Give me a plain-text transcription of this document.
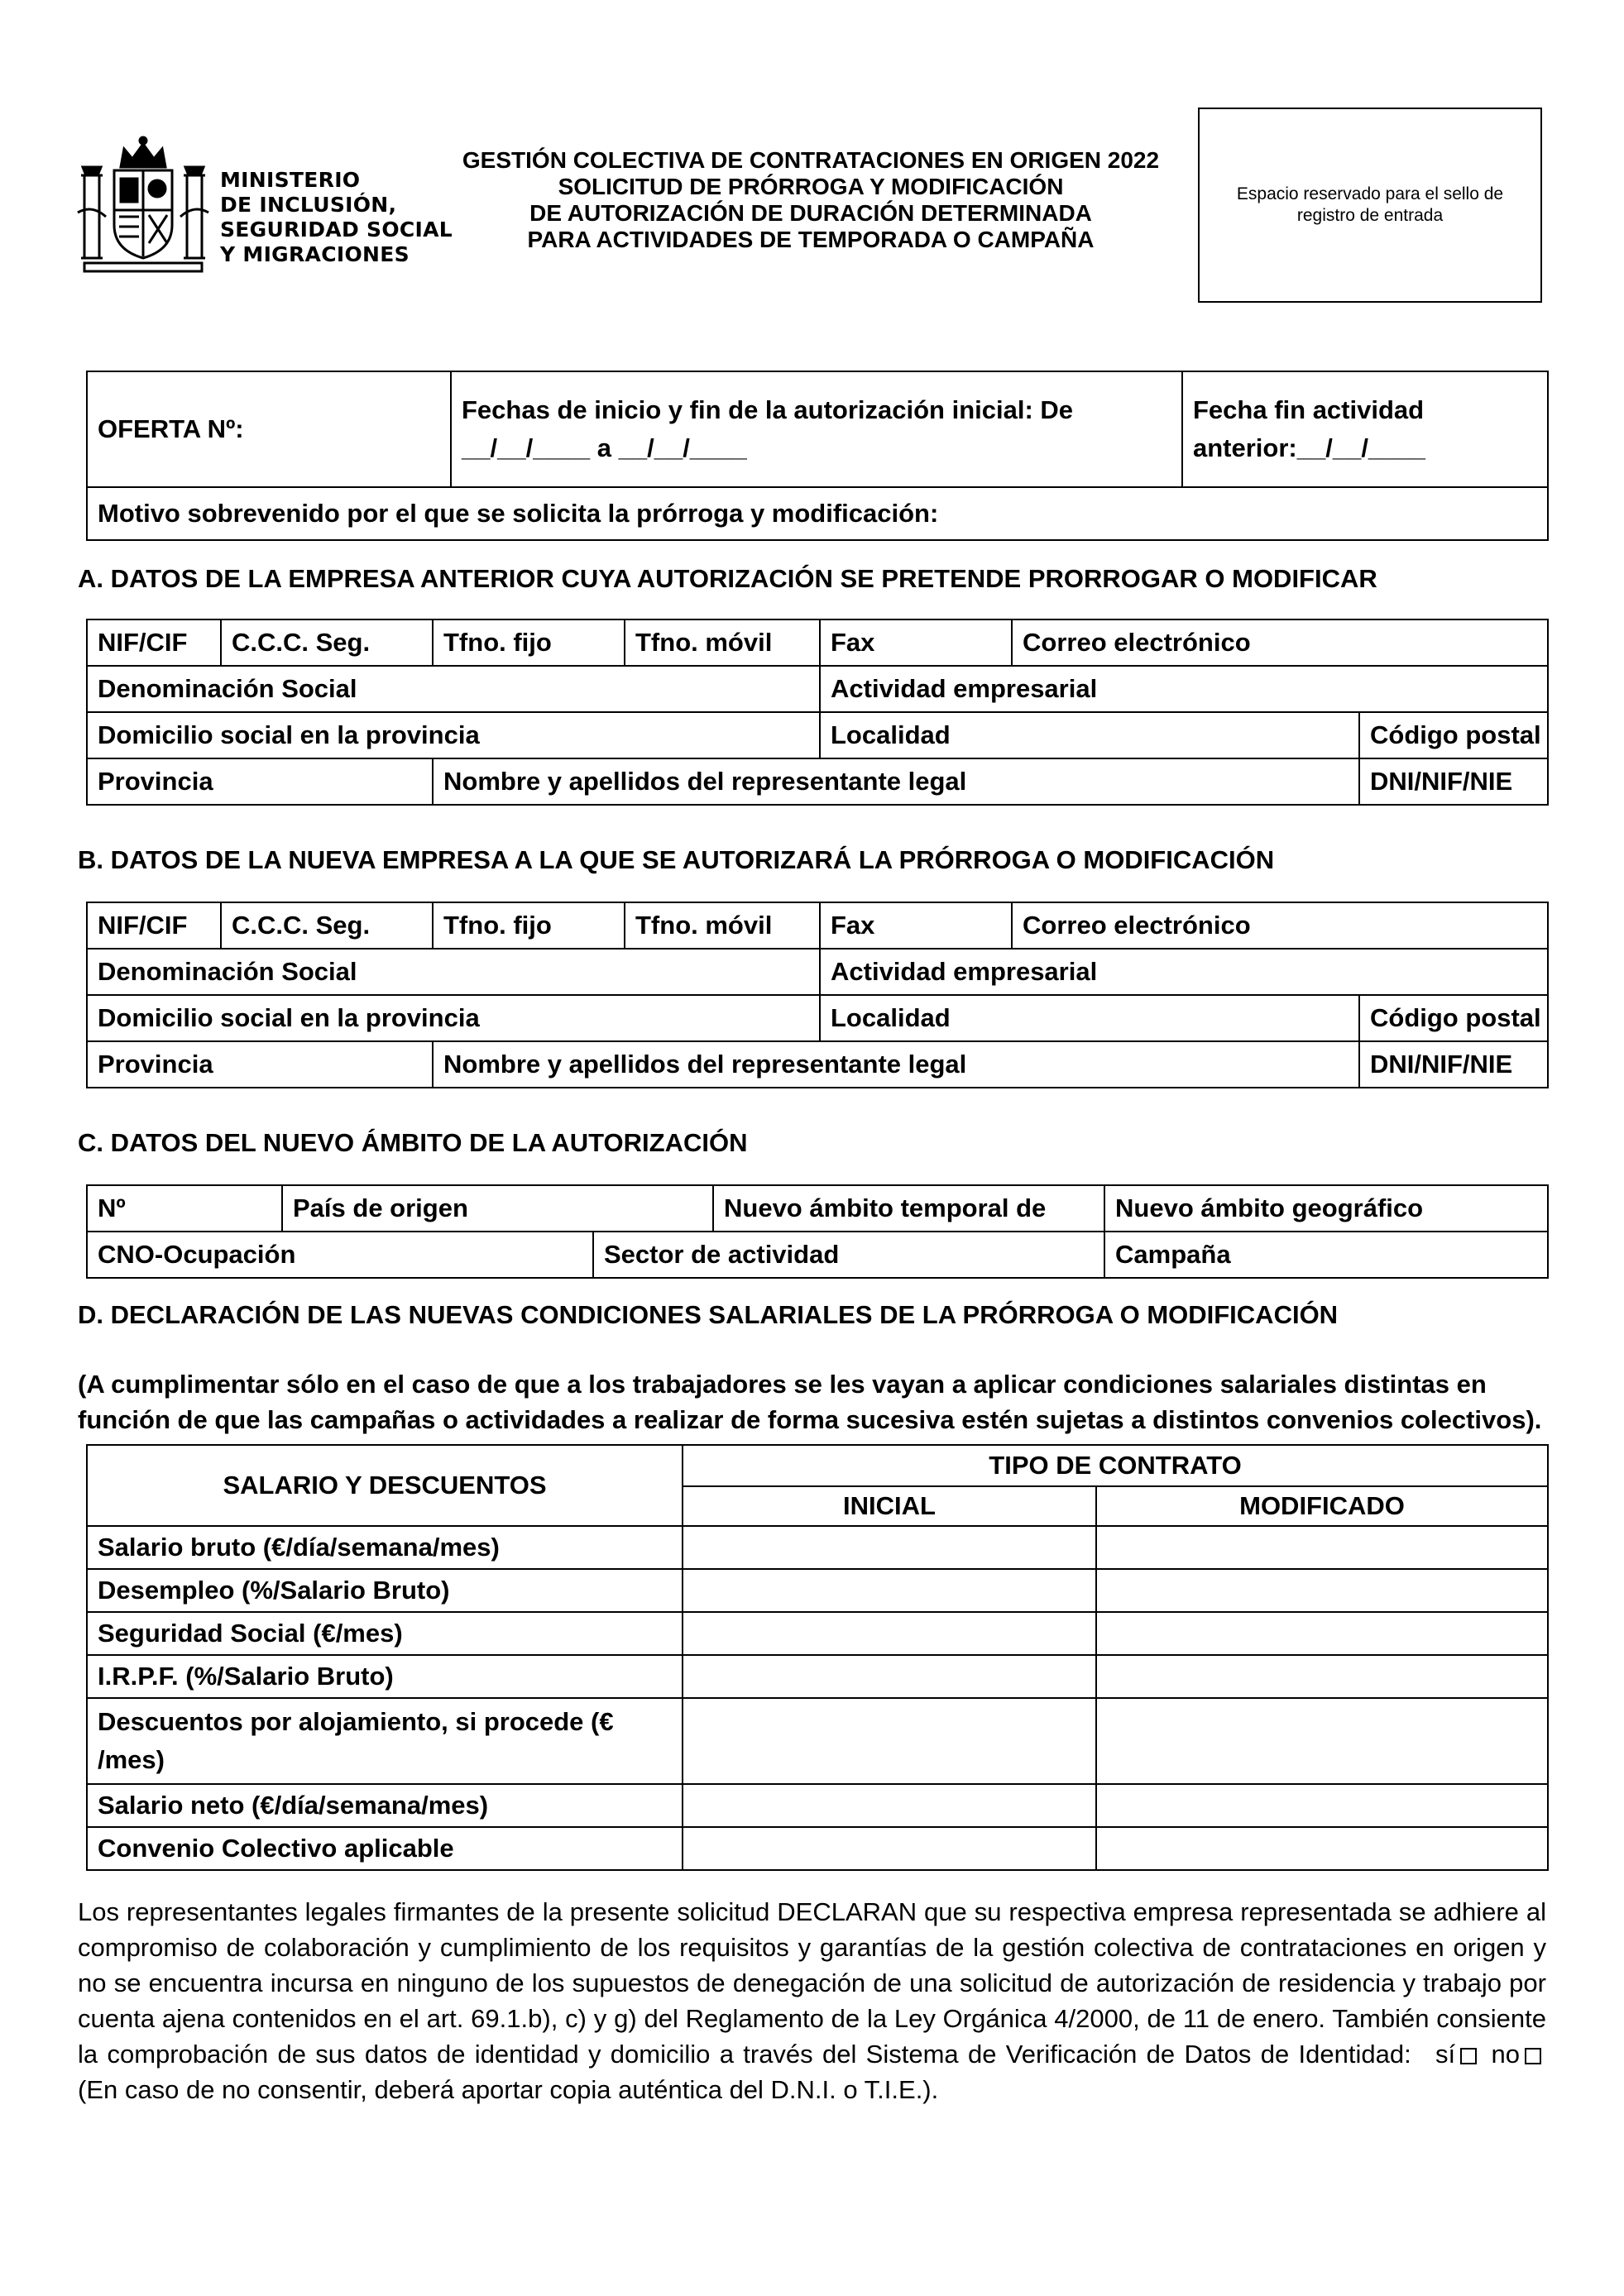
MINISTERIO
DE INCLUSIÓN,
SEGURIDAD SOCIAL
Y MIGRACIONES
GESTIÓN COLECTIVA DE CONTRATACIONES EN ORIGEN 2022
SOLICITUD DE PRÓRROGA Y MODIFICACIÓN
DE AUTORIZACIÓN DE DURACIÓN DETERMINADA
PARA ACTIVIDADES DE TEMPORADA O CAMPAÑA
Espacio reservado para el sello de registro de entrada
OFERTA Nº:	
Fechas de inicio y fin de la autorización inicial: De
__/__/____ a __/__/____

Fecha fin actividad
anterior:__/__/____

Motivo sobrevenido por el que se solicita la prórroga y modificación:
A. DATOS DE LA EMPRESA ANTERIOR CUYA AUTORIZACIÓN SE PRETENDE PRORROGAR O MODIFICAR
NIF/CIF	C.C.C. Seg.	Tfno. fijo	Tfno. móvil	Fax	Correo electrónico	
Denominación Social				Actividad empresarial		
Domicilio social en la provincia				Localidad		Código postal
Provincia		Nombre y apellidos del representante legal				DNI/NIF/NIE
B. DATOS DE LA NUEVA EMPRESA A LA QUE SE AUTORIZARÁ LA PRÓRROGA O MODIFICACIÓN
NIF/CIF	C.C.C. Seg.	Tfno. fijo	Tfno. móvil	Fax	Correo electrónico	
Denominación Social				Actividad empresarial		
Domicilio social en la provincia				Localidad		Código postal
Provincia		Nombre y apellidos del representante legal				DNI/NIF/NIE
C. DATOS DEL NUEVO ÁMBITO DE LA AUTORIZACIÓN
Nº	País de origen		Nuevo ámbito temporal de	Nuevo ámbito geográfico
CNO-Ocupación		Sector de actividad		Campaña
D. DECLARACIÓN DE LAS NUEVAS CONDICIONES SALARIALES DE LA PRÓRROGA O MODIFICACIÓN
(A cumplimentar sólo en el caso de que a los trabajadores se les vayan a aplicar condiciones salariales distintas en
función de que las campañas o actividades a realizar de forma sucesiva estén sujetas a distintos convenios colectivos).
SALARIO Y DESCUENTOS	TIPO DE CONTRATO	
	INICIAL	MODIFICADO
Salario bruto (€/día/semana/mes)		
Desempleo (%/Salario Bruto)		
Seguridad Social (€/mes)		
I.R.P.F. (%/Salario Bruto)		
Descuentos por alojamiento, si procede (€ /mes)		
Salario neto (€/día/semana/mes)		
Convenio Colectivo aplicable		
Los representantes legales firmantes de la presente solicitud DECLARAN que su respectiva empresa representada se adhiere al compromiso de colaboración y cumplimiento de los requisitos y garantías de la gestión colectiva de contrataciones en origen y no se encuentra incursa en ninguno de los supuestos de denegación de una solicitud de autorización de residencia y trabajo por cuenta ajena contenidos en el art. 69.1.b), c) y g) del Reglamento de la Ley Orgánica 4/2000, de 11 de enero. También consiente la comprobación de sus datos de identidad y domicilio a través del Sistema de Verificación de Datos de Identidad: sí no (En caso de no consentir, deberá aportar copia auténtica del D.N.I. o T.I.E.).
